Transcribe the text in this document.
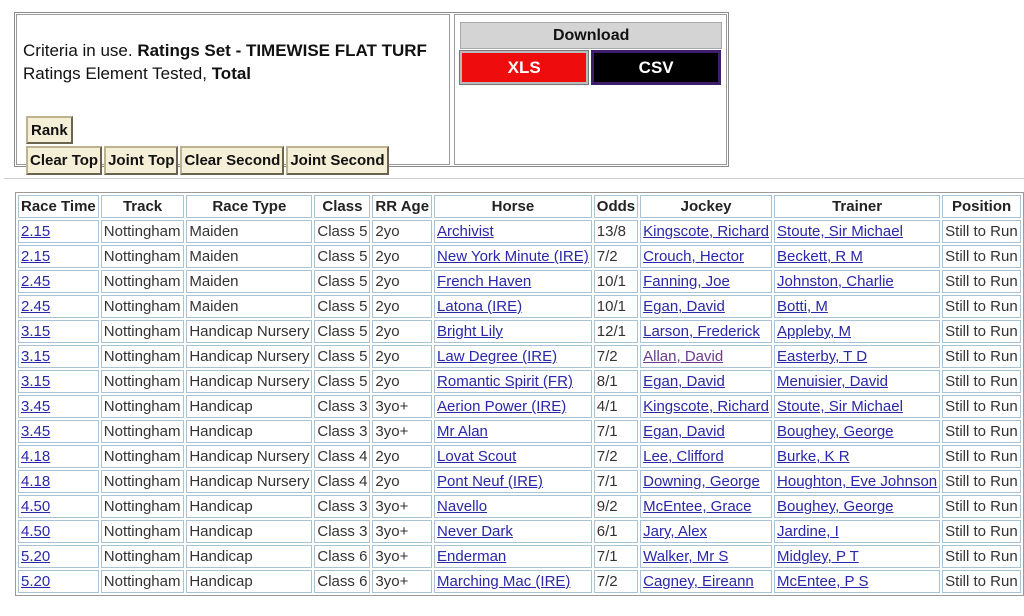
Criteria in use. Ratings Set - TIMEWISE FLAT TURF
Ratings Element Tested, Total
Rank
Clear Top Joint Top Clear Second Joint Second
Download
XLS	CSV
Race Time	Track	Race Type	Class	RR Age	Horse	Odds	Jockey	Trainer	Position
2.15	Nottingham	Maiden	Class 5	2yo	Archivist	13/8	Kingscote, Richard	Stoute, Sir Michael	Still to Run
2.15	Nottingham	Maiden	Class 5	2yo	New York Minute (IRE)	7/2	Crouch, Hector	Beckett, R M	Still to Run
2.45	Nottingham	Maiden	Class 5	2yo	French Haven	10/1	Fanning, Joe	Johnston, Charlie	Still to Run
2.45	Nottingham	Maiden	Class 5	2yo	Latona (IRE)	10/1	Egan, David	Botti, M	Still to Run
3.15	Nottingham	Handicap Nursery	Class 5	2yo	Bright Lily	12/1	Larson, Frederick	Appleby, M	Still to Run
3.15	Nottingham	Handicap Nursery	Class 5	2yo	Law Degree (IRE)	7/2	Allan, David	Easterby, T D	Still to Run
3.15	Nottingham	Handicap Nursery	Class 5	2yo	Romantic Spirit (FR)	8/1	Egan, David	Menuisier, David	Still to Run
3.45	Nottingham	Handicap	Class 3	3yo+	Aerion Power (IRE)	4/1	Kingscote, Richard	Stoute, Sir Michael	Still to Run
3.45	Nottingham	Handicap	Class 3	3yo+	Mr Alan	7/1	Egan, David	Boughey, George	Still to Run
4.18	Nottingham	Handicap Nursery	Class 4	2yo	Lovat Scout	7/2	Lee, Clifford	Burke, K R	Still to Run
4.18	Nottingham	Handicap Nursery	Class 4	2yo	Pont Neuf (IRE)	7/1	Downing, George	Houghton, Eve Johnson	Still to Run
4.50	Nottingham	Handicap	Class 3	3yo+	Navello	9/2	McEntee, Grace	Boughey, George	Still to Run
4.50	Nottingham	Handicap	Class 3	3yo+	Never Dark	6/1	Jary, Alex	Jardine, I	Still to Run
5.20	Nottingham	Handicap	Class 6	3yo+	Enderman	7/1	Walker, Mr S	Midgley, P T	Still to Run
5.20	Nottingham	Handicap	Class 6	3yo+	Marching Mac (IRE)	7/2	Cagney, Eireann	McEntee, P S	Still to Run
